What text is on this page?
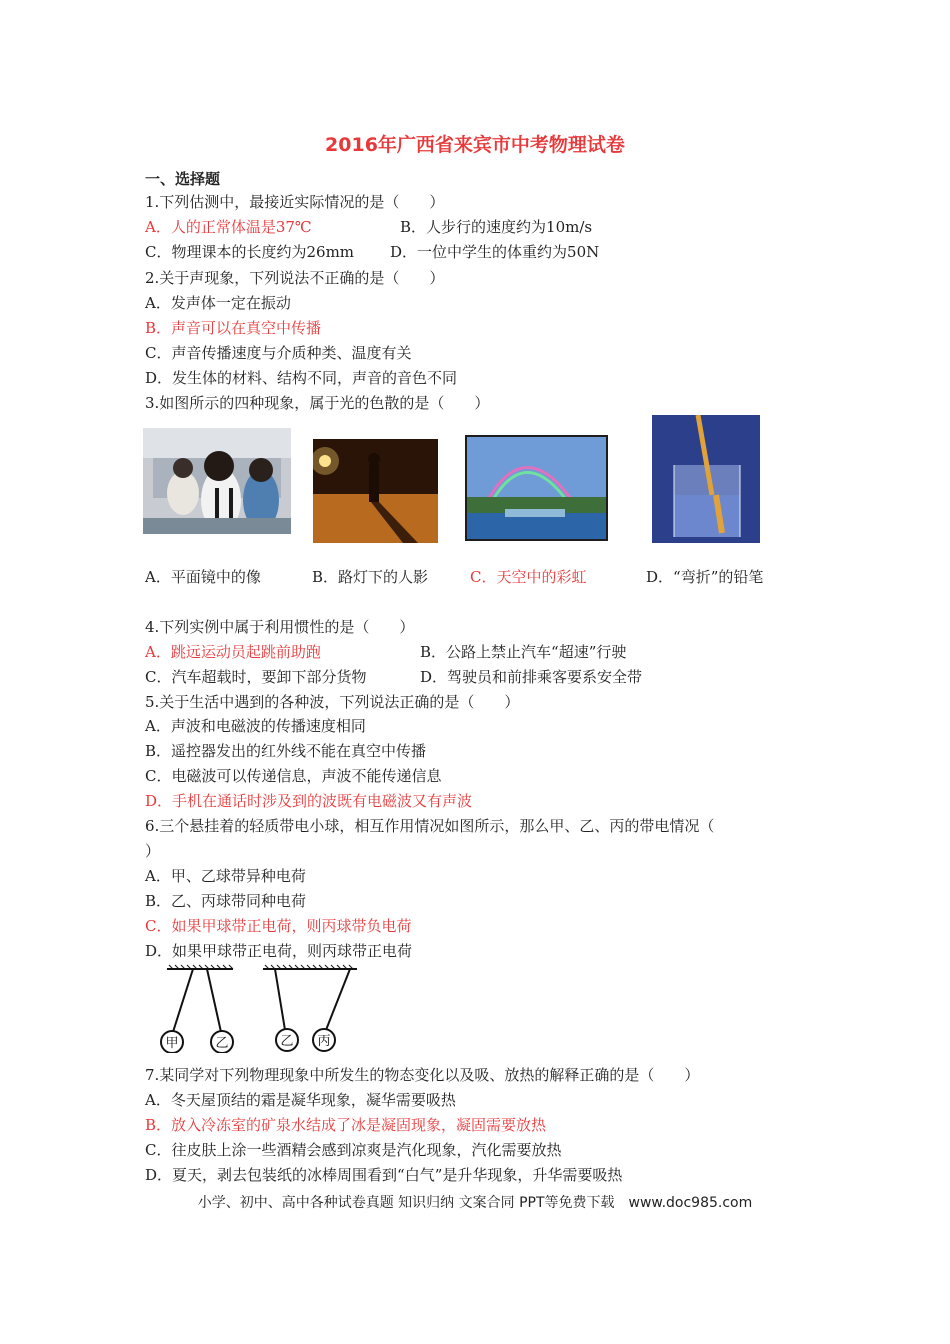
2016年广西省来宾市中考物理试卷
一、选择题
1.下列估测中，最接近实际情况的是（　　）
A．人的正常体温是37℃	B．人步行的速度约为10m/s
C．物理课本的长度约为26mm D．一位中学生的体重约为50N
2.关于声现象，下列说法不正确的是（　　）
A．发声体一定在振动
B．声音可以在真空中传播
C．声音传播速度与介质种类、温度有关
D．发生体的材料、结构不同，声音的音色不同
3.如图所示的四种现象，属于光的色散的是（　　）
A．平面镜中的像	B．路灯下的人影	C．天空中的彩虹	D．“弯折”的铅笔
4.下列实例中属于利用惯性的是（　　）
A．跳远运动员起跳前助跑	B．公路上禁止汽车“超速”行驶
C．汽车超载时，要卸下部分货物	D．驾驶员和前排乘客要系安全带
5.关于生活中遇到的各种波，下列说法正确的是（　　）
A．声波和电磁波的传播速度相同
B．遥控器发出的红外线不能在真空中传播
C．电磁波可以传递信息，声波不能传递信息
D．手机在通话时涉及到的波既有电磁波又有声波
6.三个悬挂着的轻质带电小球，相互作用情况如图所示，那么甲、乙、丙的带电情况（
）
A．甲、乙球带异种电荷
B．乙、丙球带同种电荷
C．如果甲球带正电荷，则丙球带负电荷
D．如果甲球带正电荷，则丙球带正电荷
甲	乙	乙 丙
7.某同学对下列物理现象中所发生的物态变化以及吸、放热的解释正确的是（　　）
A．冬天屋顶结的霜是凝华现象，凝华需要吸热
B．放入冷冻室的矿泉水结成了冰是凝固现象，凝固需要放热
C．往皮肤上涂一些酒精会感到凉爽是汽化现象，汽化需要放热
D．夏天，剥去包装纸的冰棒周围看到“白气”是升华现象，升华需要吸热
小学、初中、高中各种试卷真题 知识归纳 文案合同 PPT等免费下载　www.doc985.com
